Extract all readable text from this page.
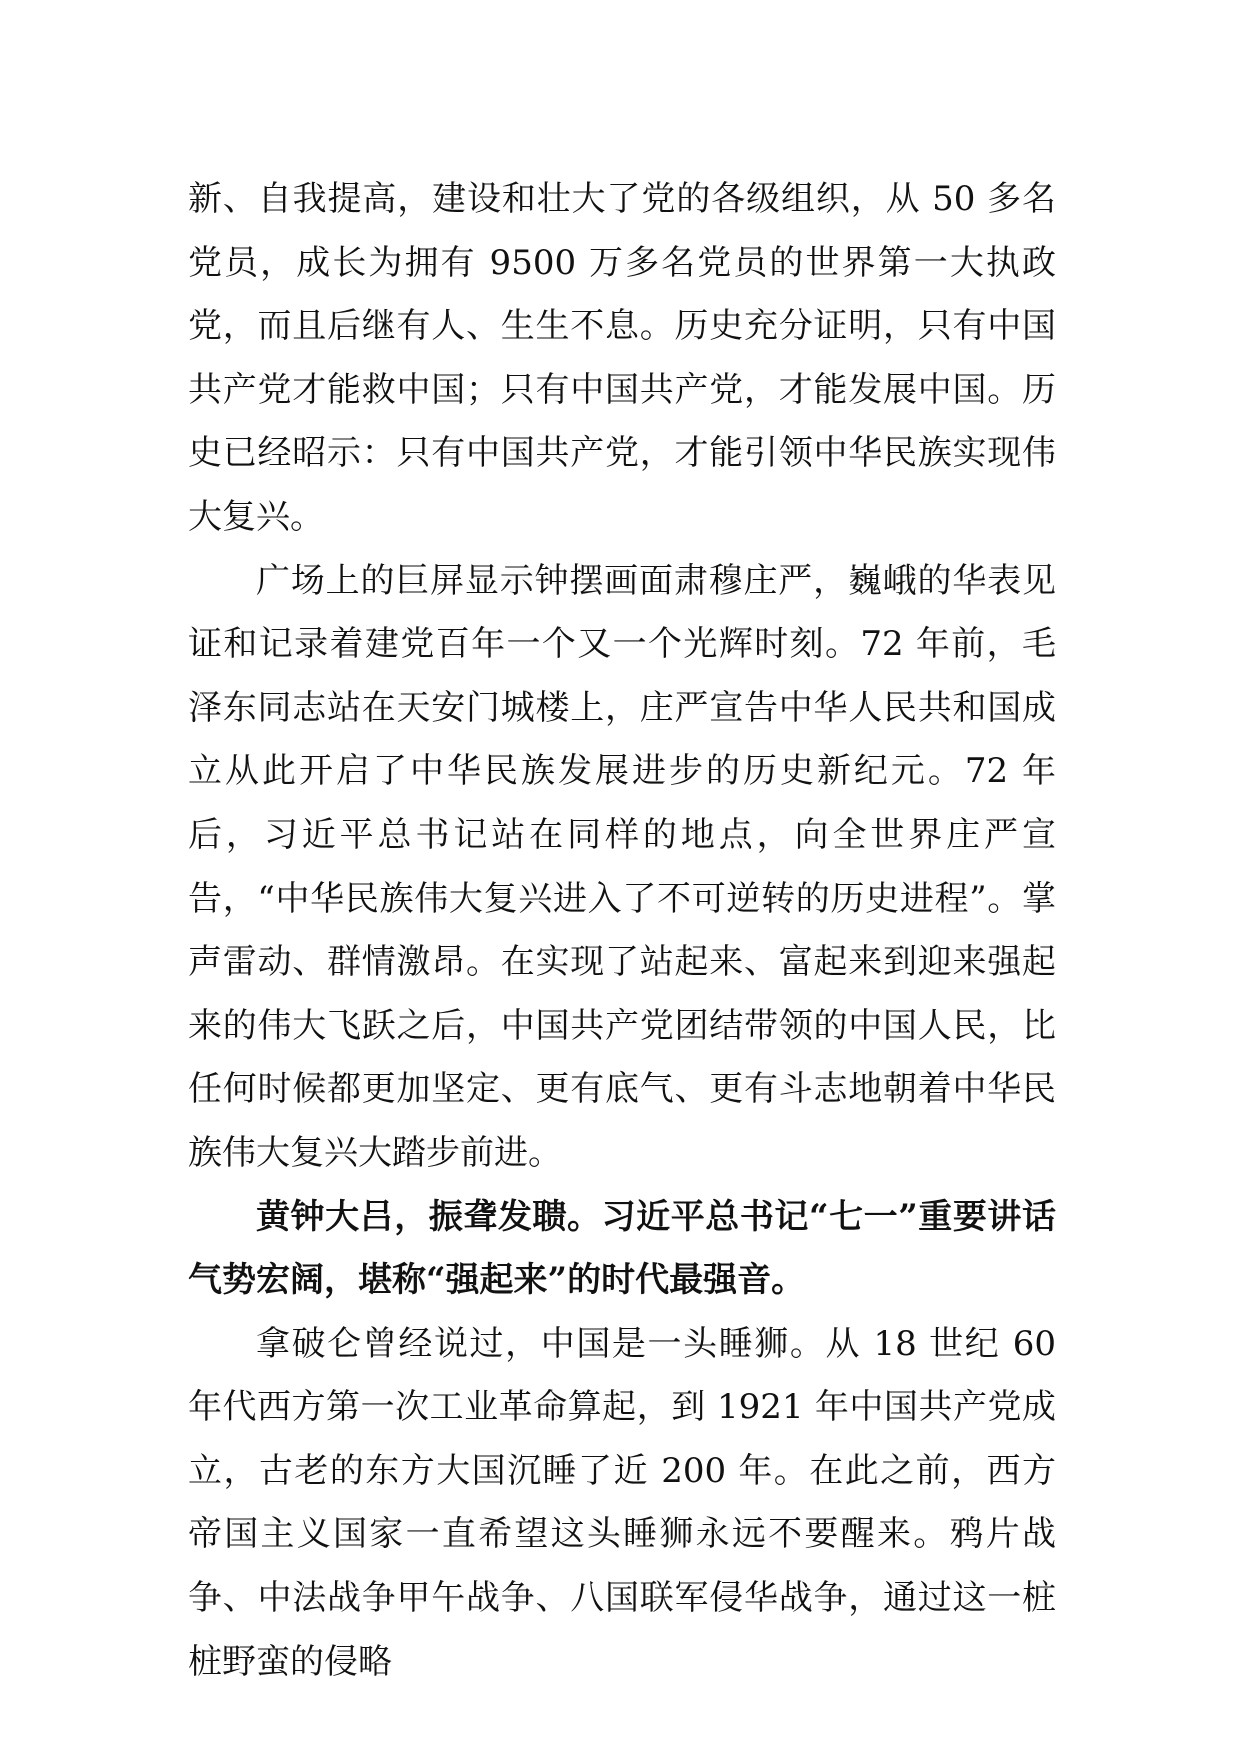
新、自我提高，建设和壮大了党的各级组织，从 50 多名党员，成长为拥有 9500 万多名党员的世界第一大执政党，而且后继有人、生生不息。历史充分证明，只有中国共产党才能救中国；只有中国共产党，才能发展中国。历史已经昭示：只有中国共产党，才能引领中华民族实现伟大复兴。

广场上的巨屏显示钟摆画面肃穆庄严，巍峨的华表见证和记录着建党百年一个又一个光辉时刻。72 年前，毛泽东同志站在天安门城楼上，庄严宣告中华人民共和国成立从此开启了中华民族发展进步的历史新纪元。72 年后，习近平总书记站在同样的地点，向全世界庄严宣告，“中华民族伟大复兴进入了不可逆转的历史进程”。掌声雷动、群情激昂。在实现了站起来、富起来到迎来强起来的伟大飞跃之后，中国共产党团结带领的中国人民，比任何时候都更加坚定、更有底气、更有斗志地朝着中华民族伟大复兴大踏步前进。

黄钟大吕，振聋发聩。习近平总书记“七一”重要讲话气势宏阔，堪称“强起来”的时代最强音。

拿破仑曾经说过，中国是一头睡狮。从 18 世纪 60 年代西方第一次工业革命算起，到 1921 年中国共产党成立，古老的东方大国沉睡了近 200 年。在此之前，西方帝国主义国家一直希望这头睡狮永远不要醒来。鸦片战争、中法战争甲午战争、八国联军侵华战争，通过这一桩桩野蛮的侵略
